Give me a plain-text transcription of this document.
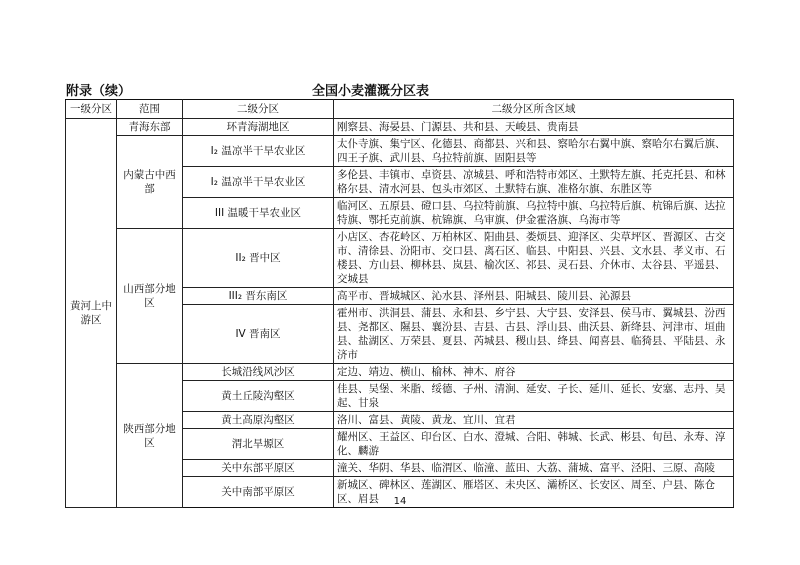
附录（续）	全国小麦灌溉分区表
一级分区	范围	二级分区	二级分区所含区域
黄河上中游区	青海东部	环青海湖地区	刚察县、海晏县、门源县、共和县、天峻县、贵南县
	内蒙古中西部	I₂ 温凉半干旱农业区	太仆寺旗、集宁区、化德县、商都县、兴和县、察哈尔右翼中旗、察哈尔右翼后旗、四王子旗、武川县、乌拉特前旗、固阳县等
		I₂ 温凉半干旱农业区	多伦县、丰镇市、卓资县、凉城县、呼和浩特市郊区、土默特左旗、托克托县、和林格尔县、清水河县、包头市郊区、土默特右旗、准格尔旗、东胜区等
		III 温暖干旱农业区	临河区、五原县、磴口县、乌拉特前旗、乌拉特中旗、乌拉特后旗、杭锦后旗、达拉特旗、鄂托克前旗、杭锦旗、乌审旗、伊金霍洛旗、乌海市等
	山西部分地区	II₂ 晋中区	小店区、杏花岭区、万柏林区、阳曲县、娄烦县、迎泽区、尖草坪区、晋源区、古交市、清徐县、汾阳市、交口县、离石区、临县、中阳县、兴县、文水县、孝义市、石楼县、方山县、柳林县、岚县、榆次区、祁县、灵石县、介休市、太谷县、平遥县、交城县
		III₂ 晋东南区	高平市、晋城城区、沁水县、泽州县、阳城县、陵川县、沁源县
		IV 晋南区	霍州市、洪洞县、蒲县、永和县、乡宁县、大宁县、安泽县、侯马市、翼城县、汾西县、尧都区、隰县、襄汾县、吉县、古县、浮山县、曲沃县、新绛县、河津市、垣曲县、盐湖区、万荣县、夏县、芮城县、稷山县、绛县、闻喜县、临猗县、平陆县、永济市
	陕西部分地区	长城沿线风沙区	定边、靖边、横山、榆林、神木、府谷
		黄土丘陵沟壑区	佳县、吴堡、米脂、绥德、子州、清涧、延安、子长、延川、延长、安塞、志丹、吴起、甘泉
		黄土高原沟壑区	洛川、富县、黄陵、黄龙、宜川、宜君
		渭北旱塬区	耀州区、王益区、印台区、白水、澄城、合阳、韩城、长武、彬县、旬邑、永寿、淳化、麟游
		关中东部平原区	潼关、华阴、华县、临渭区、临潼、蓝田、大荔、蒲城、富平、泾阳、三原、高陵
		关中南部平原区	新城区、碑林区、莲湖区、雁塔区、未央区、灞桥区、长安区、周至、户县、陈仓区、眉县	14
